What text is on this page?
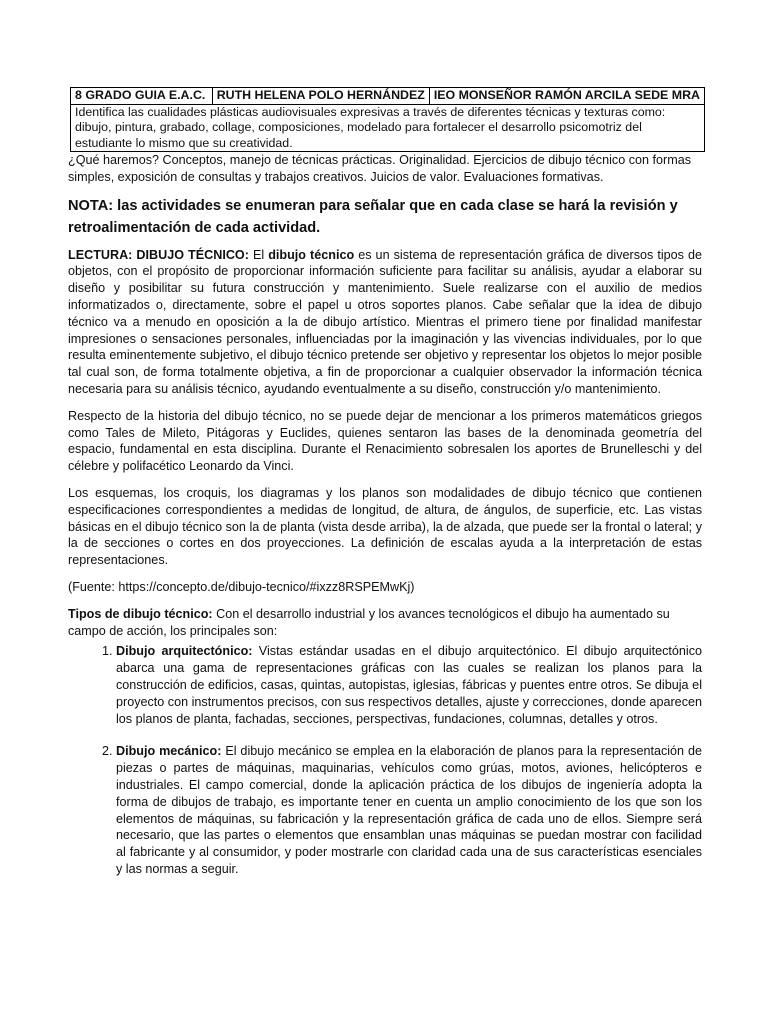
8 GRADO GUIA E.A.C.	RUTH HELENA POLO HERNÁNDEZ	IEO MONSEÑOR RAMÓN ARCILA SEDE MRA
Identifica las cualidades plásticas audiovisuales expresivas a través de diferentes técnicas y texturas como: dibujo, pintura, grabado, collage, composiciones, modelado para fortalecer el desarrollo psicomotriz del estudiante lo mismo que su creatividad.

¿Qué haremos? Conceptos, manejo de técnicas prácticas. Originalidad. Ejercicios de dibujo técnico con formas simples, exposición de consultas y trabajos creativos. Juicios de valor. Evaluaciones formativas.

NOTA: las actividades se enumeran para señalar que en cada clase se hará la revisión y retroalimentación de cada actividad.

LECTURA: DIBUJO TÉCNICO: El dibujo técnico es un sistema de representación gráfica de diversos tipos de objetos, con el propósito de proporcionar información suficiente para facilitar su análisis, ayudar a elaborar su diseño y posibilitar su futura construcción y mantenimiento. Suele realizarse con el auxilio de medios informatizados o, directamente, sobre el papel u otros soportes planos. Cabe señalar que la idea de dibujo técnico va a menudo en oposición a la de dibujo artístico. Mientras el primero tiene por finalidad manifestar impresiones o sensaciones personales, influenciadas por la imaginación y las vivencias individuales, por lo que resulta eminentemente subjetivo, el dibujo técnico pretende ser objetivo y representar los objetos lo mejor posible tal cual son, de forma totalmente objetiva, a fin de proporcionar a cualquier observador la información técnica necesaria para su análisis técnico, ayudando eventualmente a su diseño, construcción y/o mantenimiento.

Respecto de la historia del dibujo técnico, no se puede dejar de mencionar a los primeros matemáticos griegos como Tales de Mileto, Pitágoras y Euclides, quienes sentaron las bases de la denominada geometría del espacio, fundamental en esta disciplina. Durante el Renacimiento sobresalen los aportes de Brunelleschi y del célebre y polifacético Leonardo da Vinci.

Los esquemas, los croquis, los diagramas y los planos son modalidades de dibujo técnico que contienen especificaciones correspondientes a medidas de longitud, de altura, de ángulos, de superficie, etc. Las vistas básicas en el dibujo técnico son la de planta (vista desde arriba), la de alzada, que puede ser la frontal o lateral; y la de secciones o cortes en dos proyecciones. La definición de escalas ayuda a la interpretación de estas representaciones.

(Fuente: https://concepto.de/dibujo-tecnico/#ixzz8RSPEMwKj)

Tipos de dibujo técnico: Con el desarrollo industrial y los avances tecnológicos el dibujo ha aumentado su campo de acción, los principales son:

1. Dibujo arquitectónico: Vistas estándar usadas en el dibujo arquitectónico. El dibujo arquitectónico abarca una gama de representaciones gráficas con las cuales se realizan los planos para la construcción de edificios, casas, quintas, autopistas, iglesias, fábricas y puentes entre otros. Se dibuja el proyecto con instrumentos precisos, con sus respectivos detalles, ajuste y correcciones, donde aparecen los planos de planta, fachadas, secciones, perspectivas, fundaciones, columnas, detalles y otros.
2. Dibujo mecánico: El dibujo mecánico se emplea en la elaboración de planos para la representación de piezas o partes de máquinas, maquinarias, vehículos como grúas, motos, aviones, helicópteros e industriales. El campo comercial, donde la aplicación práctica de los dibujos de ingeniería adopta la forma de dibujos de trabajo, es importante tener en cuenta un amplio conocimiento de los que son los elementos de máquinas, su fabricación y la representación gráfica de cada uno de ellos. Siempre será necesario, que las partes o elementos que ensamblan unas máquinas se puedan mostrar con facilidad al fabricante y al consumidor, y poder mostrarle con claridad cada una de sus características esenciales y las normas a seguir.
